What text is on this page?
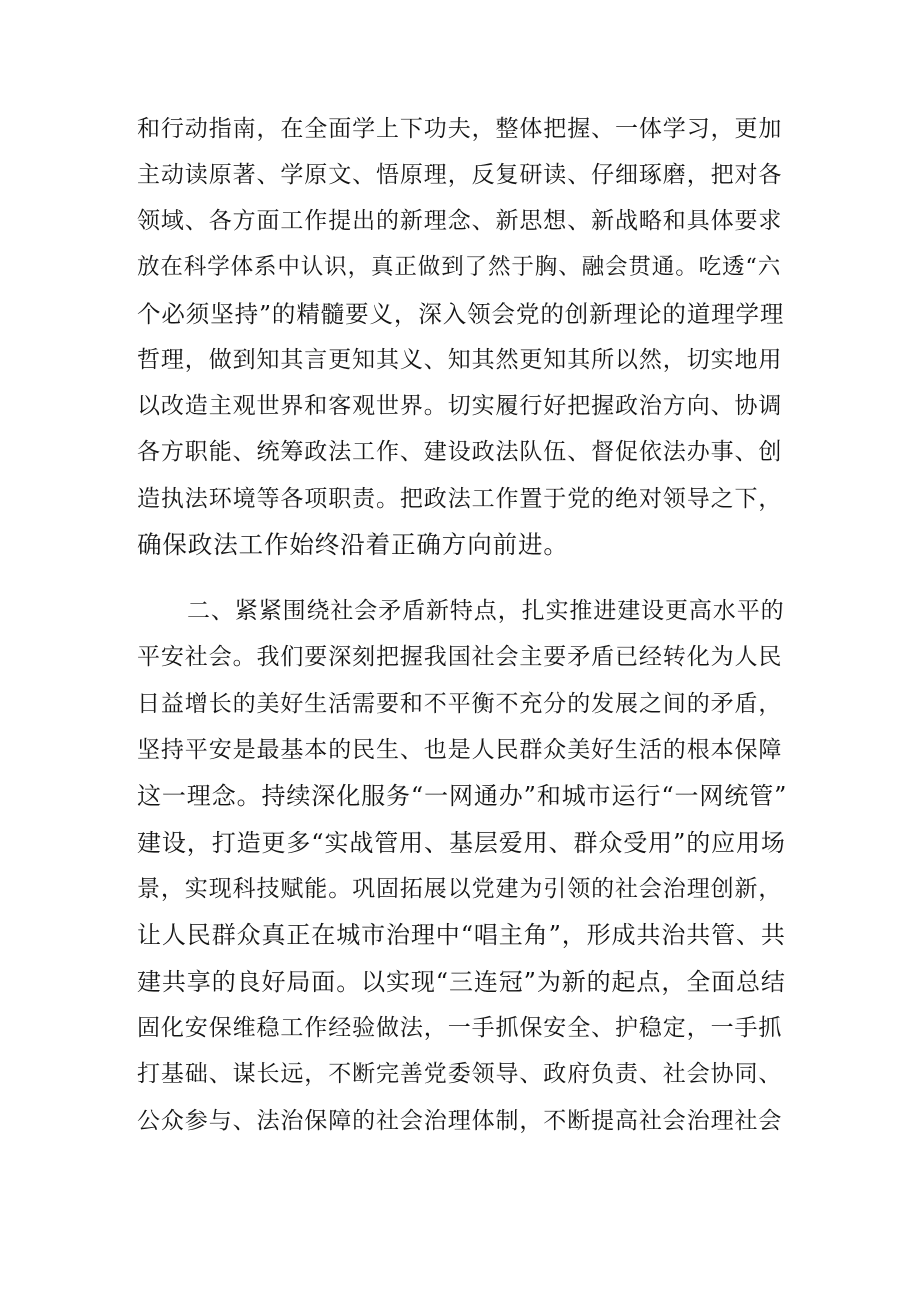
和行动指南，在全面学上下功夫，整体把握、一体学习，更加
主动读原著、学原文、悟原理，反复研读、仔细琢磨，把对各
领域、各方面工作提出的新理念、新思想、新战略和具体要求
放在科学体系中认识，真正做到了然于胸、融会贯通。吃透“六
个必须坚持”的精髓要义，深入领会党的创新理论的道理学理
哲理，做到知其言更知其义、知其然更知其所以然，切实地用
以改造主观世界和客观世界。切实履行好把握政治方向、协调
各方职能、统筹政法工作、建设政法队伍、督促依法办事、创
造执法环境等各项职责。把政法工作置于党的绝对领导之下，
确保政法工作始终沿着正确方向前进。
二、紧紧围绕社会矛盾新特点，扎实推进建设更高水平的
平安社会。我们要深刻把握我国社会主要矛盾已经转化为人民
日益增长的美好生活需要和不平衡不充分的发展之间的矛盾，
坚持平安是最基本的民生、也是人民群众美好生活的根本保障
这一理念。持续深化服务“一网通办”和城市运行“一网统管”
建设，打造更多“实战管用、基层爱用、群众受用”的应用场
景，实现科技赋能。巩固拓展以党建为引领的社会治理创新，
让人民群众真正在城市治理中“唱主角”，形成共治共管、共
建共享的良好局面。以实现“三连冠”为新的起点，全面总结
固化安保维稳工作经验做法，一手抓保安全、护稳定，一手抓
打基础、谋长远，不断完善党委领导、政府负责、社会协同、
公众参与、法治保障的社会治理体制，不断提高社会治理社会
